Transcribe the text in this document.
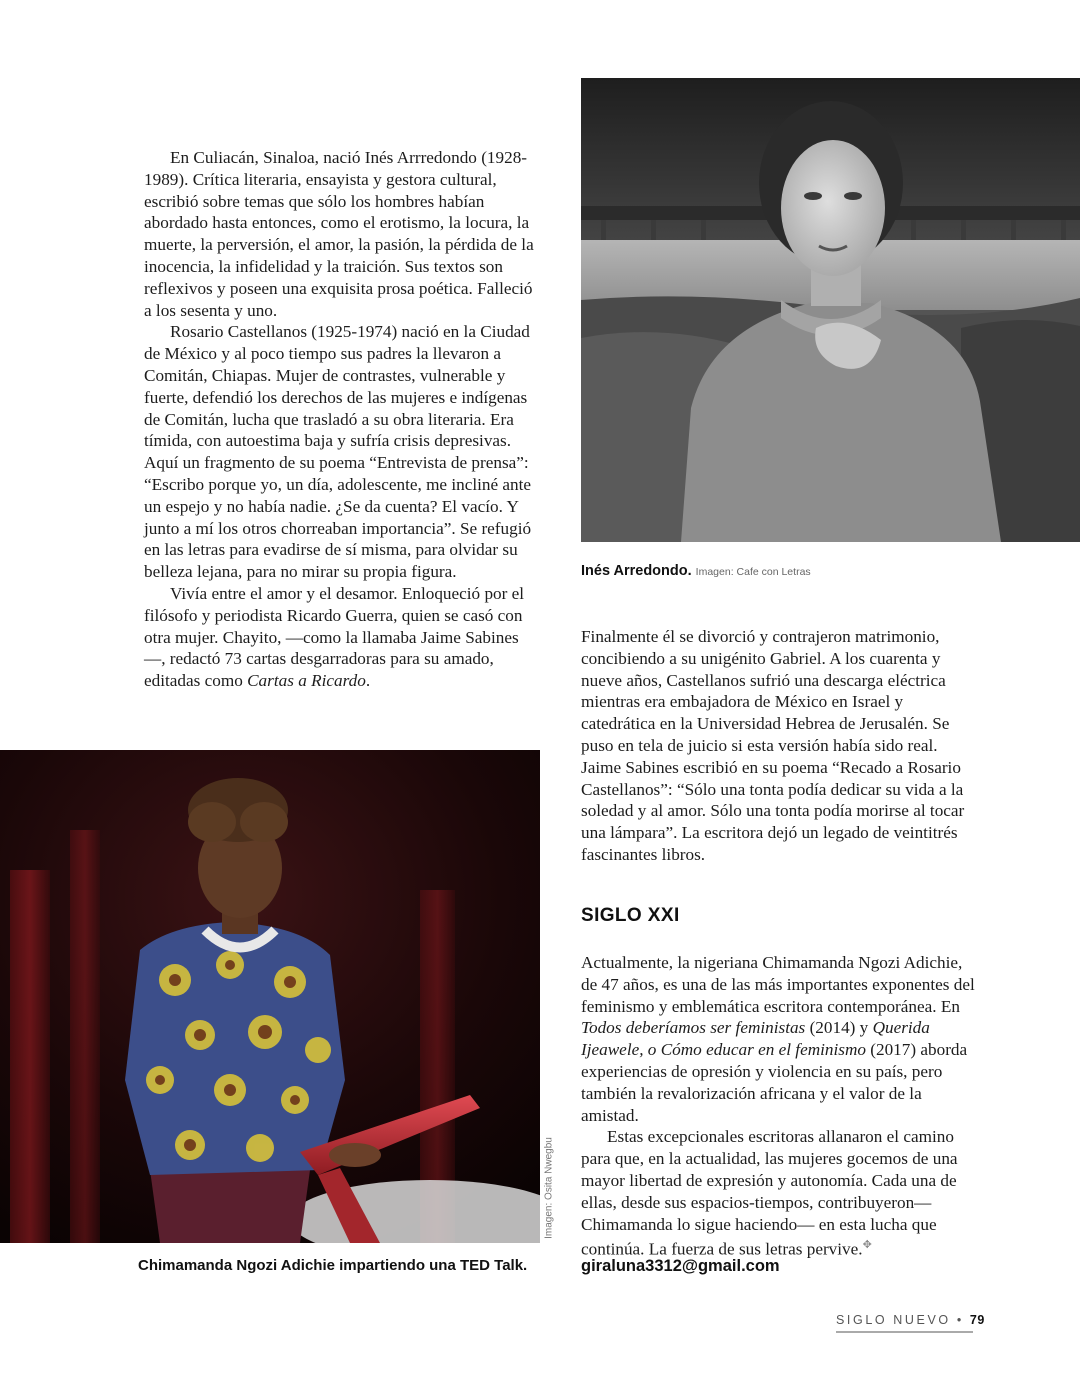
En Culiacán, Sinaloa, nació Inés Arrredondo (1928-1989). Crítica literaria, ensayista y gestora cultural, escribió sobre temas que sólo los hombres habían abordado hasta entonces, como el erotismo, la locura, la muerte, la perversión, el amor, la pasión, la pérdida de la inocencia, la infidelidad y la traición. Sus textos son reflexivos y poseen una exquisita prosa poética. Falleció a los sesenta y uno.

Rosario Castellanos (1925-1974) nació en la Ciudad de México y al poco tiempo sus padres la llevaron a Comitán, Chiapas. Mujer de contrastes, vulnerable y fuerte, defendió los derechos de las mujeres e indígenas de Comitán, lucha que trasladó a su obra literaria. Era tímida, con autoestima baja y sufría crisis depresivas. Aquí un fragmento de su poema “Entrevista de prensa”: “Escribo porque yo, un día, adolescente, me incliné ante un espejo y no había nadie. ¿Se da cuenta? El vacío. Y junto a mí los otros chorreaban importancia”. Se refugió en las letras para evadirse de sí misma, para olvidar su belleza lejana, para no mirar su propia figura.

Vivía entre el amor y el desamor. Enloqueció por el filósofo y periodista Ricardo Guerra, quien se casó con otra mujer. Chayito, —como la llamaba Jaime Sabines—, redactó 73 cartas desgarradoras para su amado, editadas como Cartas a Ricardo.

Inés Arredondo. Imagen: Cafe con Letras

Finalmente él se divorció y contrajeron matrimonio, concibiendo a su unigénito Gabriel. A los cuarenta y nueve años, Castellanos sufrió una descarga eléctrica mientras era embajadora de México en Israel y catedrática en la Universidad Hebrea de Jerusalén. Se puso en tela de juicio si esta versión había sido real. Jaime Sabines escribió en su poema “Recado a Rosario Castellanos”: “Sólo una tonta podía dedicar su vida a la soledad y al amor. Sólo una tonta podía morirse al tocar una lámpara”. La escritora dejó un legado de veintitrés fascinantes libros.

SIGLO XXI

Actualmente, la nigeriana Chimamanda Ngozi Adichie, de 47 años, es una de las más importantes exponentes del feminismo y emblemática escritora contemporánea. En Todos deberíamos ser feministas (2014) y Querida Ijeawele, o Cómo educar en el feminismo (2017) aborda experiencias de opresión y violencia en su país, pero también la revalorización africana y el valor de la amistad.

Estas excepcionales escritoras allanaron el camino para que, en la actualidad, las mujeres gocemos de una mayor libertad de expresión y autonomía. Cada una de ellas, desde sus espacios-tiempos, contribuyeron—Chimamanda lo sigue haciendo— en esta lucha que continúa. La fuerza de sus letras pervive.✥

giraluna3312@gmail.com
Imagen: Osita Nwegbu
Chimamanda Ngozi Adichie impartiendo una TED Talk.
SIGLO NUEVO • 79
